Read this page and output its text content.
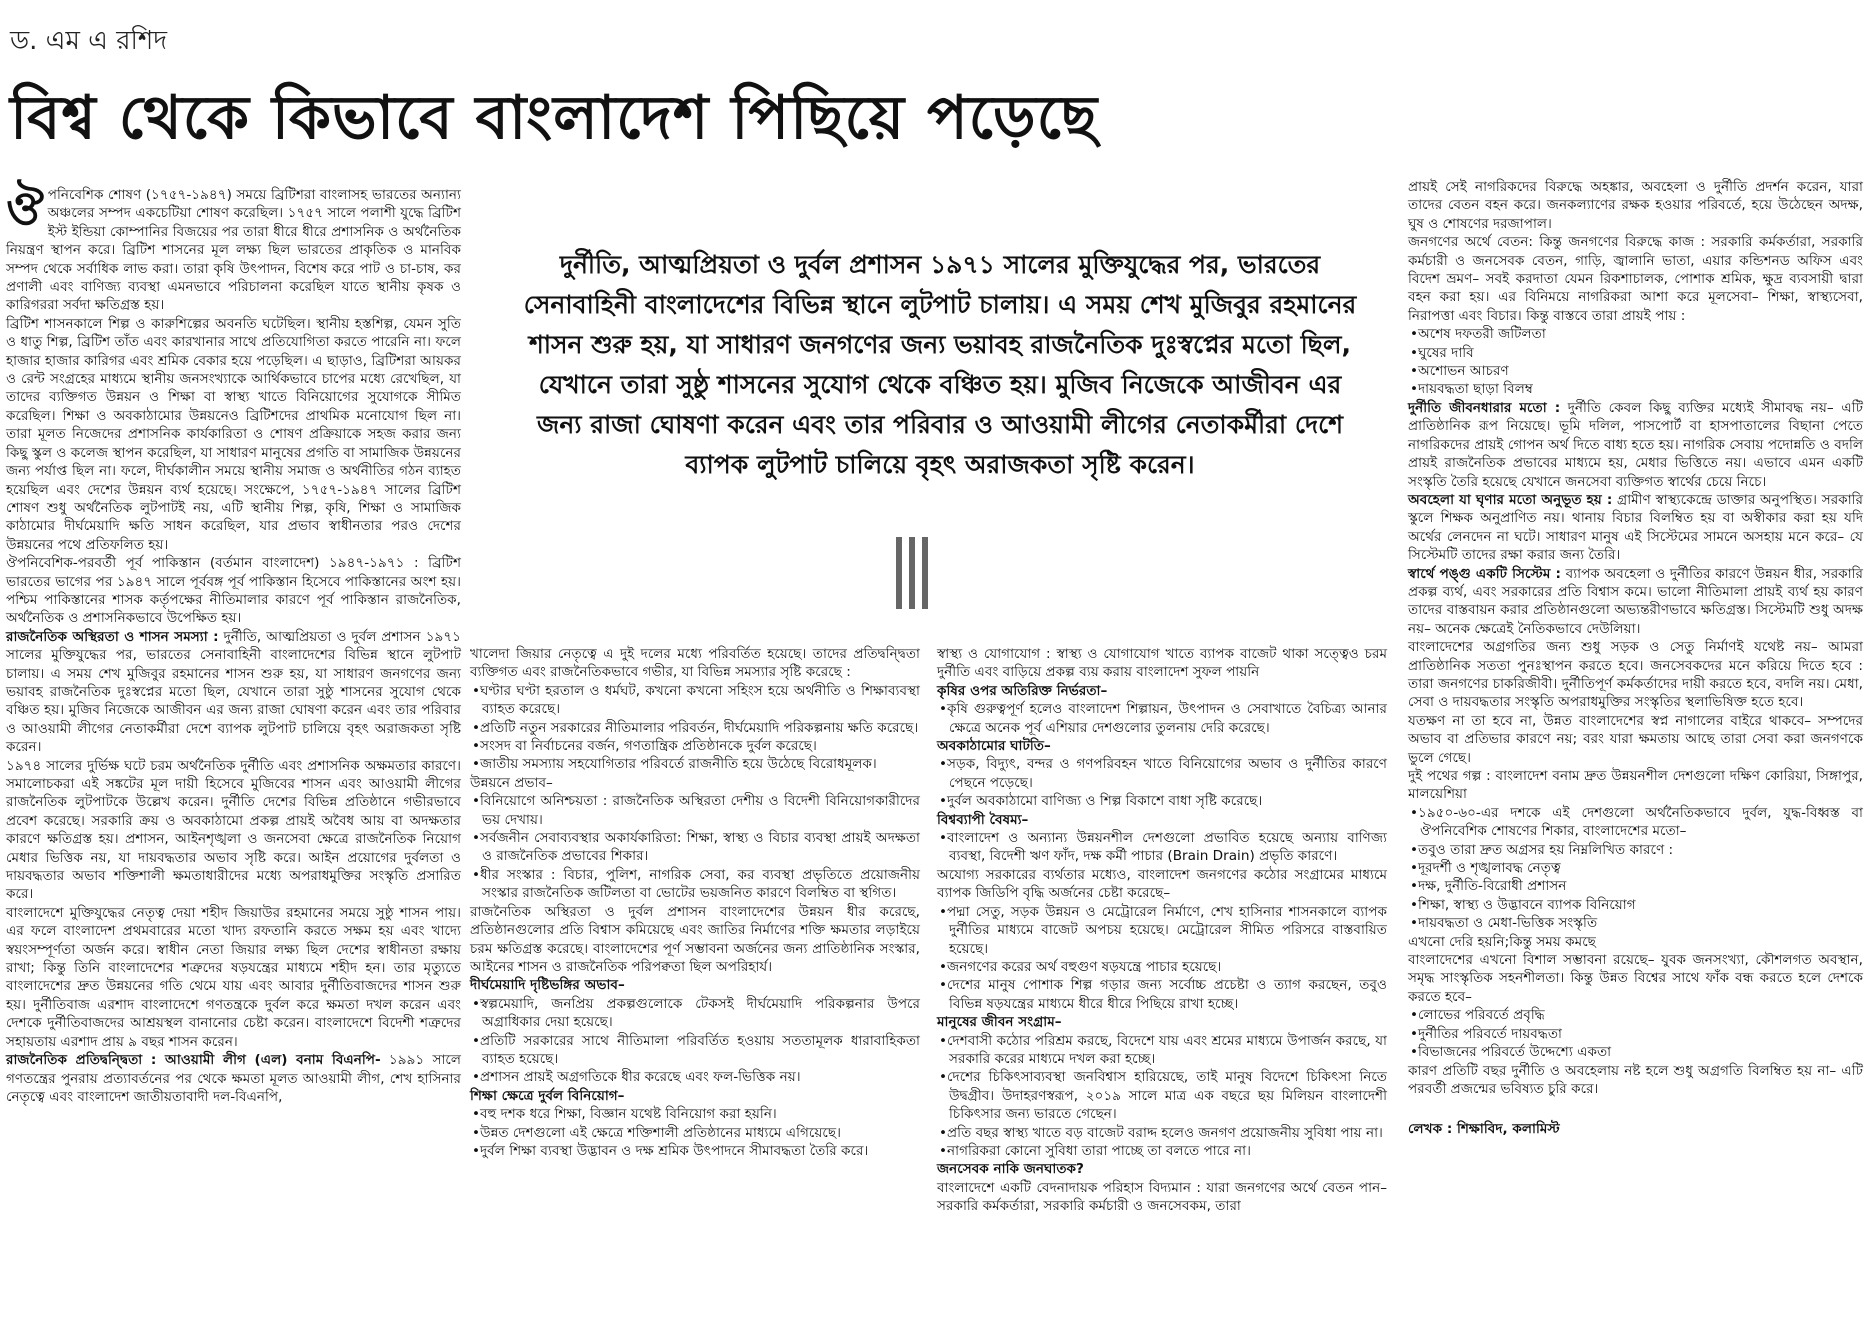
ড. এম এ রশিদ
বিশ্ব থেকে কিভাবে বাংলাদেশ পিছিয়ে পড়েছে

ঔপনিবেশিক শোষণ (১৭৫৭-১৯৪৭) সময়ে ব্রিটিশরা বাংলাসহ ভারতের অন্যান্য অঞ্চলের সম্পদ একচেটিয়া শোষণ করেছিল। ১৭৫৭ সালে পলাশী যুদ্ধে ব্রিটিশ ইস্ট ইন্ডিয়া কোম্পানির বিজয়ের পর তারা ধীরে ধীরে প্রশাসনিক ও অর্থনৈতিক নিয়ন্ত্রণ স্থাপন করে। ব্রিটিশ শাসনের মূল লক্ষ্য ছিল ভারতের প্রাকৃতিক ও মানবিক সম্পদ থেকে সর্বাধিক লাভ করা। তারা কৃষি উৎপাদন, বিশেষ করে পাট ও চা-চাষ, কর প্রণালী এবং বাণিজ্য ব্যবস্থা এমনভাবে পরিচালনা করেছিল যাতে স্থানীয় কৃষক ও কারিগররা সর্বদা ক্ষতিগ্রস্ত হয়।

ব্রিটিশ শাসনকালে শিল্প ও কারুশিল্পের অবনতি ঘটেছিল। স্থানীয় হস্তশিল্প, যেমন সুতি ও ধাতু শিল্প, ব্রিটিশ তাঁত এবং কারখানার সাথে প্রতিযোগিতা করতে পারেনি না। ফলে হাজার হাজার কারিগর এবং শ্রমিক বেকার হয়ে পড়েছিল। এ ছাড়াও, ব্রিটিশরা আয়কর ও রেন্ট সংগ্রহের মাধ্যমে স্থানীয় জনসংখ্যাকে আর্থিকভাবে চাপের মধ্যে রেখেছিল, যা তাদের ব্যক্তিগত উন্নয়ন ও শিক্ষা বা স্বাস্থ্য খাতে বিনিয়োগের সুযোগকে সীমিত করেছিল। শিক্ষা ও অবকাঠামোর উন্নয়নেও ব্রিটিশদের প্রাথমিক মনোযোগ ছিল না। তারা মূলত নিজেদের প্রশাসনিক কার্যকারিতা ও শোষণ প্রক্রিয়াকে সহজ করার জন্য কিছু স্কুল ও কলেজ স্থাপন করেছিল, যা সাধারণ মানুষের প্রগতি বা সামাজিক উন্নয়নের জন্য পর্যাপ্ত ছিল না। ফলে, দীর্ঘকালীন সময়ে স্থানীয় সমাজ ও অর্থনীতির গঠন ব্যাহত হয়েছিল এবং দেশের উন্নয়ন ব্যর্থ হয়েছে। সংক্ষেপে, ১৭৫৭-১৯৪৭ সালের ব্রিটিশ শোষণ শুধু অর্থনৈতিক লুটপাটই নয়, এটি স্থানীয় শিল্প, কৃষি, শিক্ষা ও সামাজিক কাঠামোর দীর্ঘমেয়াদি ক্ষতি সাধন করেছিল, যার প্রভাব স্বাধীনতার পরও দেশের উন্নয়নের পথে প্রতিফলিত হয়।

ঔপনিবেশিক-পরবর্তী পূর্ব পাকিস্তান (বর্তমান বাংলাদেশ) ১৯৪৭-১৯৭১ : ব্রিটিশ ভারতের ভাগের পর ১৯৪৭ সালে পূর্ববঙ্গ পূর্ব পাকিস্তান হিসেবে পাকিস্তানের অংশ হয়। পশ্চিম পাকিস্তানের শাসক কর্তৃপক্ষের নীতিমালার কারণে পূর্ব পাকিস্তান রাজনৈতিক, অর্থনৈতিক ও প্রশাসনিকভাবে উপেক্ষিত হয়।

রাজনৈতিক অস্থিরতা ও শাসন সমস্যা : দুর্নীতি, আত্মপ্রিয়তা ও দুর্বল প্রশাসন ১৯৭১ সালের মুক্তিযুদ্ধের পর, ভারতের সেনাবাহিনী বাংলাদেশের বিভিন্ন স্থানে লুটপাট চালায়। এ সময় শেখ মুজিবুর রহমানের শাসন শুরু হয়, যা সাধারণ জনগণের জন্য ভয়াবহ রাজনৈতিক দুঃস্বপ্নের মতো ছিল, যেখানে তারা সুষ্ঠু শাসনের সুযোগ থেকে বঞ্চিত হয়। মুজিব নিজেকে আজীবন এর জন্য রাজা ঘোষণা করেন এবং তার পরিবার ও আওয়ামী লীগের নেতাকর্মীরা দেশে ব্যাপক লুটপাট চালিয়ে বৃহৎ অরাজকতা সৃষ্টি করেন।

১৯৭৪ সালের দুর্ভিক্ষ ঘটে চরম অর্থনৈতিক দুর্নীতি এবং প্রশাসনিক অক্ষমতার কারণে। সমালোচকরা এই সঙ্কটের মূল দায়ী হিসেবে মুজিবের শাসন এবং আওয়ামী লীগের রাজনৈতিক লুটপাটকে উল্লেখ করেন। দুর্নীতি দেশের বিভিন্ন প্রতিষ্ঠানে গভীরভাবে প্রবেশ করেছে। সরকারি ক্রয় ও অবকাঠামো প্রকল্প প্রায়ই অবৈধ আয় বা অদক্ষতার কারণে ক্ষতিগ্রস্ত হয়। প্রশাসন, আইনশৃঙ্খলা ও জনসেবা ক্ষেত্রে রাজনৈতিক নিয়োগ মেধার ভিত্তিক নয়, যা দায়বদ্ধতার অভাব সৃষ্টি করে। আইন প্রয়োগের দুর্বলতা ও দায়বদ্ধতার অভাব শক্তিশালী ক্ষমতাধারীদের মধ্যে অপরাধমুক্তির সংস্কৃতি প্রসারিত করে।

বাংলাদেশে মুক্তিযুদ্ধের নেতৃত্ব দেয়া শহীদ জিয়াউর রহমানের সময়ে সুষ্ঠু শাসন পায়। এর ফলে বাংলাদেশ প্রথমবারের মতো খাদ্য রফতানি করতে সক্ষম হয় এবং খাদ্যে স্বয়ংসম্পূর্ণতা অর্জন করে। স্বাধীন নেতা জিয়ার লক্ষ্য ছিল দেশের স্বাধীনতা রক্ষায় রাখা; কিন্তু তিনি বাংলাদেশের শত্রুদের ষড়যন্ত্রের মাধ্যমে শহীদ হন। তার মৃত্যুতে বাংলাদেশের দ্রুত উন্নয়নের গতি থেমে যায় এবং আবার দুর্নীতিবাজদের শাসন শুরু হয়। দুর্নীতিবাজ এরশাদ বাংলাদেশে গণতন্ত্রকে দুর্বল করে ক্ষমতা দখল করেন এবং দেশকে দুর্নীতিবাজদের আশ্রয়স্থল বানানোর চেষ্টা করেন। বাংলাদেশে বিদেশী শত্রুদের সহায়তায় এরশাদ প্রায় ৯ বছর শাসন করেন।

রাজনৈতিক প্রতিদ্বন্দ্বিতা : আওয়ামী লীগ (এল) বনাম বিএনপি- ১৯৯১ সালে গণতন্ত্রের পুনরায় প্রত্যাবর্তনের পর থেকে ক্ষমতা মূলত আওয়ামী লীগ, শেখ হাসিনার নেতৃত্বে এবং বাংলাদেশ জাতীয়তাবাদী দল-বিএনপি,

খালেদা জিয়ার নেতৃত্বে এ দুই দলের মধ্যে পরিবর্তিত হয়েছে। তাদের প্রতিদ্বন্দ্বিতা ব্যক্তিগত এবং রাজনৈতিকভাবে গভীর, যা বিভিন্ন সমস্যার সৃষ্টি করেছে :

• ঘণ্টার ঘণ্টা হরতাল ও ধর্মঘট, কখনো কখনো সহিংস হয়ে অর্থনীতি ও শিক্ষাব্যবস্থা ব্যাহত করেছে।

• প্রতিটি নতুন সরকারের নীতিমালার পরিবর্তন, দীর্ঘমেয়াদি পরিকল্পনায় ক্ষতি করেছে।

• সংসদ বা নির্বাচনের বর্জন, গণতান্ত্রিক প্রতিষ্ঠানকে দুর্বল করেছে।

• জাতীয় সমস্যায় সহযোগিতার পরিবর্তে রাজনীতি হয়ে উঠেছে বিরোধমূলক।

উন্নয়নে প্রভাব–

• বিনিয়োগে অনিশ্চয়তা : রাজনৈতিক অস্থিরতা দেশীয় ও বিদেশী বিনিয়োগকারীদের ভয় দেখায়।

• সর্বজনীন সেবাব্যবস্থার অকার্যকারিতা: শিক্ষা, স্বাস্থ্য ও বিচার ব্যবস্থা প্রায়ই অদক্ষতা ও রাজনৈতিক প্রভাবের শিকার।

• ধীর সংস্কার : বিচার, পুলিশ, নাগরিক সেবা, কর ব্যবস্থা প্রভৃতিতে প্রয়োজনীয় সংস্কার রাজনৈতিক জটিলতা বা ভোটের ভয়জনিত কারণে বিলম্বিত বা স্থগিত।

রাজনৈতিক অস্থিরতা ও দুর্বল প্রশাসন বাংলাদেশের উন্নয়ন ধীর করেছে, প্রতিষ্ঠানগুলোর প্রতি বিশ্বাস কমিয়েছে এবং জাতির নির্মাণের শক্তি ক্ষমতার লড়াইয়ে চরম ক্ষতিগ্রস্ত করেছে। বাংলাদেশের পূর্ণ সম্ভাবনা অর্জনের জন্য প্রাতিষ্ঠানিক সংস্কার, আইনের শাসন ও রাজনৈতিক পরিপক্বতা ছিল অপরিহার্য।

দীর্ঘমেয়াদি দৃষ্টিভঙ্গির অভাব–

• স্বল্পমেয়াদি, জনপ্রিয় প্রকল্পগুলোকে টেকসই দীর্ঘমেয়াদি পরিকল্পনার উপরে অগ্রাধিকার দেয়া হয়েছে।

• প্রতিটি সরকারের সাথে নীতিমালা পরিবর্তিত হওয়ায় সততামূলক ধারাবাহিকতা ব্যাহত হয়েছে।

• প্রশাসন প্রায়ই অগ্রগতিকে ধীর করেছে এবং ফল-ভিত্তিক নয়।

শিক্ষা ক্ষেত্রে দুর্বল বিনিয়োগ–

• বহু দশক ধরে শিক্ষা, বিজ্ঞান যথেষ্ট বিনিয়োগ করা হয়নি।

• উন্নত দেশগুলো এই ক্ষেত্রে শক্তিশালী প্রতিষ্ঠানের মাধ্যমে এগিয়েছে।

• দুর্বল শিক্ষা ব্যবস্থা উদ্ভাবন ও দক্ষ শ্রমিক উৎপাদনে সীমাবদ্ধতা তৈরি করে।

স্বাস্থ্য ও যোগাযোগ : স্বাস্থ্য ও যোগাযোগ খাতে ব্যাপক বাজেট থাকা সত্ত্বেও চরম দুর্নীতি এবং বাড়িয়ে প্রকল্প ব্যয় করায় বাংলাদেশ সুফল পায়নি

কৃষির ওপর অতিরিক্ত নির্ভরতা–

• কৃষি গুরুত্বপূর্ণ হলেও বাংলাদেশ শিল্পায়ন, উৎপাদন ও সেবাখাতে বৈচিত্র্য আনার ক্ষেত্রে অনেক পূর্ব এশিয়ার দেশগুলোর তুলনায় দেরি করেছে।

অবকাঠামোর ঘাটতি–

• সড়ক, বিদ্যুৎ, বন্দর ও গণপরিবহন খাতে বিনিয়োগের অভাব ও দুর্নীতির কারণে পেছনে পড়েছে।

• দুর্বল অবকাঠামো বাণিজ্য ও শিল্প বিকাশে বাধা সৃষ্টি করেছে।

বিশ্বব্যাপী বৈষম্য–

• বাংলাদেশ ও অন্যান্য উন্নয়নশীল দেশগুলো প্রভাবিত হয়েছে অন্যায় বাণিজ্য ব্যবস্থা, বিদেশী ঋণ ফাঁদ, দক্ষ কর্মী পাচার (Brain Drain) প্রভৃতি কারণে।

অযোগ্য সরকারের ব্যর্থতার মধ্যেও, বাংলাদেশ জনগণের কঠোর সংগ্রামের মাধ্যমে ব্যাপক জিডিপি বৃদ্ধি অর্জনের চেষ্টা করেছে–

• পদ্মা সেতু, সড়ক উন্নয়ন ও মেট্রোরেল নির্মাণে, শেখ হাসিনার শাসনকালে ব্যাপক দুর্নীতির মাধ্যমে বাজেট অপচয় হয়েছে। মেট্রোরেল সীমিত পরিসরে বাস্তবায়িত হয়েছে।

• জনগণের করের অর্থ বহুগুণ ষড়যন্ত্রে পাচার হয়েছে।

• দেশের মানুষ পোশাক শিল্প গড়ার জন্য সর্বোচ্চ প্রচেষ্টা ও ত্যাগ করছেন, তবুও বিভিন্ন ষড়যন্ত্রের মাধ্যমে ধীরে ধীরে পিছিয়ে রাখা হচ্ছে।

মানুষের জীবন সংগ্রাম–

• দেশবাসী কঠোর পরিশ্রম করছে, বিদেশে যায় এবং শ্রমের মাধ্যমে উপার্জন করছে, যা সরকারি করের মাধ্যমে দখল করা হচ্ছে।

• দেশের চিকিৎসাব্যবস্থা জনবিশ্বাস হারিয়েছে, তাই মানুষ বিদেশে চিকিৎসা নিতে উদ্বগ্রীব। উদাহরণস্বরূপ, ২০১৯ সালে মাত্র এক বছরে ছয় মিলিয়ন বাংলাদেশী চিকিৎসার জন্য ভারতে গেছেন।

• প্রতি বছর স্বাস্থ্য খাতে বড় বাজেট বরাদ্দ হলেও জনগণ প্রয়োজনীয় সুবিধা পায় না।

• নাগরিকরা কোনো সুবিধা তারা পাচ্ছে তা বলতে পারে না।

জনসেবক নাকি জনঘাতক?

বাংলাদেশে একটি বেদনাদায়ক পরিহাস বিদ্যমান : যারা জনগণের অর্থে বেতন পান– সরকারি কর্মকর্তারা, সরকারি কর্মচারী ও জনসেবকম, তারা

প্রায়ই সেই নাগরিকদের বিরুদ্ধে অহঙ্কার, অবহেলা ও দুর্নীতি প্রদর্শন করেন, যারা তাদের বেতন বহন করে। জনকল্যাণের রক্ষক হওয়ার পরিবর্তে, হয়ে উঠেছেন অদক্ষ, ঘুষ ও শোষণের দরজাপাল।

জনগণের অর্থে বেতন: কিন্তু জনগণের বিরুদ্ধে কাজ : সরকারি কর্মকর্তারা, সরকারি কর্মচারী ও জনসেবক বেতন, গাড়ি, জ্বালানি ভাতা, এয়ার কন্ডিশনড অফিস এবং বিদেশ ভ্রমণ– সবই করদাতা যেমন রিকশাচালক, পোশাক শ্রমিক, ক্ষুদ্র ব্যবসায়ী দ্বারা বহন করা হয়। এর বিনিময়ে নাগরিকরা আশা করে মূলসেবা– শিক্ষা, স্বাস্থ্যসেবা, নিরাপত্তা এবং বিচার। কিন্তু বাস্তবে তারা প্রায়ই পায় :

• অশেষ দফতরী জটিলতা

• ঘুষের দাবি

• অশোভন আচরণ

• দায়বদ্ধতা ছাড়া বিলম্ব

দুর্নীতি জীবনধারার মতো : দুর্নীতি কেবল কিছু ব্যক্তির মধ্যেই সীমাবদ্ধ নয়– এটি প্রাতিষ্ঠানিক রূপ নিয়েছে। ভূমি দলিল, পাসপোর্ট বা হাসপাতালের বিছানা পেতে নাগরিকদের প্রায়ই গোপন অর্থ দিতে বাধ্য হতে হয়। নাগরিক সেবায় পদোন্নতি ও বদলি প্রায়ই রাজনৈতিক প্রভাবের মাধ্যমে হয়, মেধার ভিত্তিতে নয়। এভাবে এমন একটি সংস্কৃতি তৈরি হয়েছে যেখানে জনসেবা ব্যক্তিগত স্বার্থের চেয়ে নিচে।

অবহেলা যা ঘৃণার মতো অনুভূত হয় : গ্রামীণ স্বাস্থ্যকেন্দ্রে ডাক্তার অনুপস্থিত। সরকারি স্কুলে শিক্ষক অনুপ্রাণিত নয়। থানায় বিচার বিলম্বিত হয় বা অস্বীকার করা হয় যদি অর্থের লেনদেন না ঘটে। সাধারণ মানুষ এই সিস্টেমের সামনে অসহায় মনে করে– যে সিস্টেমটি তাদের রক্ষা করার জন্য তৈরি।

স্বার্থে পঙ্গু একটি সিস্টেম : ব্যাপক অবহেলা ও দুর্নীতির কারণে উন্নয়ন ধীর, সরকারি প্রকল্প ব্যর্থ, এবং সরকারের প্রতি বিশ্বাস কমে। ভালো নীতিমালা প্রায়ই ব্যর্থ হয় কারণ তাদের বাস্তবায়ন করার প্রতিষ্ঠানগুলো অভ্যন্তরীণভাবে ক্ষতিগ্রস্ত। সিস্টেমটি শুধু অদক্ষ নয়– অনেক ক্ষেত্রেই নৈতিকভাবে দেউলিয়া।

বাংলাদেশের অগ্রগতির জন্য শুধু সড়ক ও সেতু নির্মাণই যথেষ্ট নয়– আমরা প্রাতিষ্ঠানিক সততা পুনঃস্থাপন করতে হবে। জনসেবকদের মনে করিয়ে দিতে হবে : তারা জনগণের চাকরিজীবী। দুর্নীতিপূর্ণ কর্মকর্তাদের দায়ী করতে হবে, বদলি নয়। মেধা, সেবা ও দায়বদ্ধতার সংস্কৃতি অপরাধমুক্তির সংস্কৃতির স্থলাভিষিক্ত হতে হবে।

যতক্ষণ না তা হবে না, উন্নত বাংলাদেশের স্বপ্ন নাগালের বাইরে থাকবে– সম্পদের অভাব বা প্রতিভার কারণে নয়; বরং যারা ক্ষমতায় আছে তারা সেবা করা জনগণকে ভুলে গেছে।

দুই পথের গল্প : বাংলাদেশ বনাম দ্রুত উন্নয়নশীল দেশগুলো দক্ষিণ কোরিয়া, সিঙ্গাপুর, মালয়েশিয়া

• ১৯৫০-৬০-এর দশকে এই দেশগুলো অর্থনৈতিকভাবে দুর্বল, যুদ্ধ-বিধ্বস্ত বা ঔপনিবেশিক শোষণের শিকার, বাংলাদেশের মতো–

• তবুও তারা দ্রুত অগ্রসর হয় নিম্নলিখিত কারণে :

• দূরদর্শী ও শৃঙ্খলাবদ্ধ নেতৃত্ব

• দক্ষ, দুর্নীতি-বিরোধী প্রশাসন

• শিক্ষা, স্বাস্থ্য ও উদ্ভাবনে ব্যাপক বিনিয়োগ

• দায়বদ্ধতা ও মেধা-ভিত্তিক সংস্কৃতি

এখনো দেরি হয়নি;কিন্তু সময় কমছে

বাংলাদেশের এখনো বিশাল সম্ভাবনা রয়েছে– যুবক জনসংখ্যা, কৌশলগত অবস্থান, সমৃদ্ধ সাংস্কৃতিক সহনশীলতা। কিন্তু উন্নত বিশ্বের সাথে ফাঁক বন্ধ করতে হলে দেশকে করতে হবে–

• লোভের পরিবর্তে প্রবৃদ্ধি

• দুর্নীতির পরিবর্তে দায়বদ্ধতা

• বিভাজনের পরিবর্তে উদ্দেশ্যে একতা

কারণ প্রতিটি বছর দুর্নীতি ও অবহেলায় নষ্ট হলে শুধু অগ্রগতি বিলম্বিত হয় না– এটি পরবর্তী প্রজন্মের ভবিষ্যত চুরি করে।

লেখক : শিক্ষাবিদ, কলামিস্ট

দুর্নীতি, আত্মপ্রিয়তা ও দুর্বল প্রশাসন ১৯৭১ সালের মুক্তিযুদ্ধের পর, ভারতের সেনাবাহিনী বাংলাদেশের বিভিন্ন স্থানে লুটপাট চালায়। এ সময় শেখ মুজিবুর রহমানের শাসন শুরু হয়, যা সাধারণ জনগণের জন্য ভয়াবহ রাজনৈতিক দুঃস্বপ্নের মতো ছিল, যেখানে তারা সুষ্ঠু শাসনের সুযোগ থেকে বঞ্চিত হয়। মুজিব নিজেকে আজীবন এর জন্য রাজা ঘোষণা করেন এবং তার পরিবার ও আওয়ামী লীগের নেতাকর্মীরা দেশে ব্যাপক লুটপাট চালিয়ে বৃহৎ অরাজকতা সৃষ্টি করেন।
